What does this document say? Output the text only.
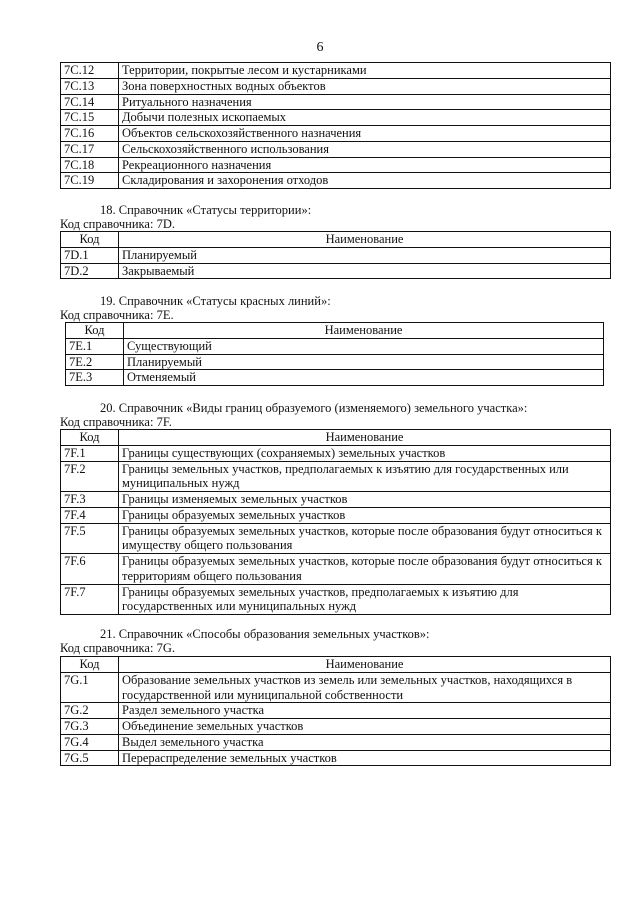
6
7C.12	Территории, покрытые лесом и кустарниками
7C.13	Зона поверхностных водных объектов
7C.14	Ритуального назначения
7C.15	Добычи полезных ископаемых
7C.16	Объектов сельскохозяйственного назначения
7C.17	Сельскохозяйственного использования
7C.18	Рекреационного назначения
7C.19	Складирования и захоронения отходов
18. Справочник «Статусы территории»:
Код справочника: 7D.
Код	Наименование
7D.1	Планируемый
7D.2	Закрываемый
19. Справочник «Статусы красных линий»:
Код справочника: 7E.
Код	Наименование
7E.1	Существующий
7E.2	Планируемый
7E.3	Отменяемый
20. Справочник «Виды границ образуемого (изменяемого) земельного участка»:
Код справочника: 7F.
Код	Наименование
7F.1	Границы существующих (сохраняемых) земельных участков
7F.2	Границы земельных участков, предполагаемых к изъятию для государственных или муниципальных нужд
7F.3	Границы изменяемых земельных участков
7F.4	Границы образуемых земельных участков
7F.5	Границы образуемых земельных участков, которые после образования будут относиться к имуществу общего пользования
7F.6	Границы образуемых земельных участков, которые после образования будут относиться к территориям общего пользования
7F.7	Границы образуемых земельных участков, предполагаемых к изъятию для государственных или муниципальных нужд
21. Справочник «Способы образования земельных участков»:
Код справочника: 7G.
Код	Наименование
7G.1	Образование земельных участков из земель или земельных участков, находящихся в государственной или муниципальной собственности
7G.2	Раздел земельного участка
7G.3	Объединение земельных участков
7G.4	Выдел земельного участка
7G.5	Перераспределение земельных участков
